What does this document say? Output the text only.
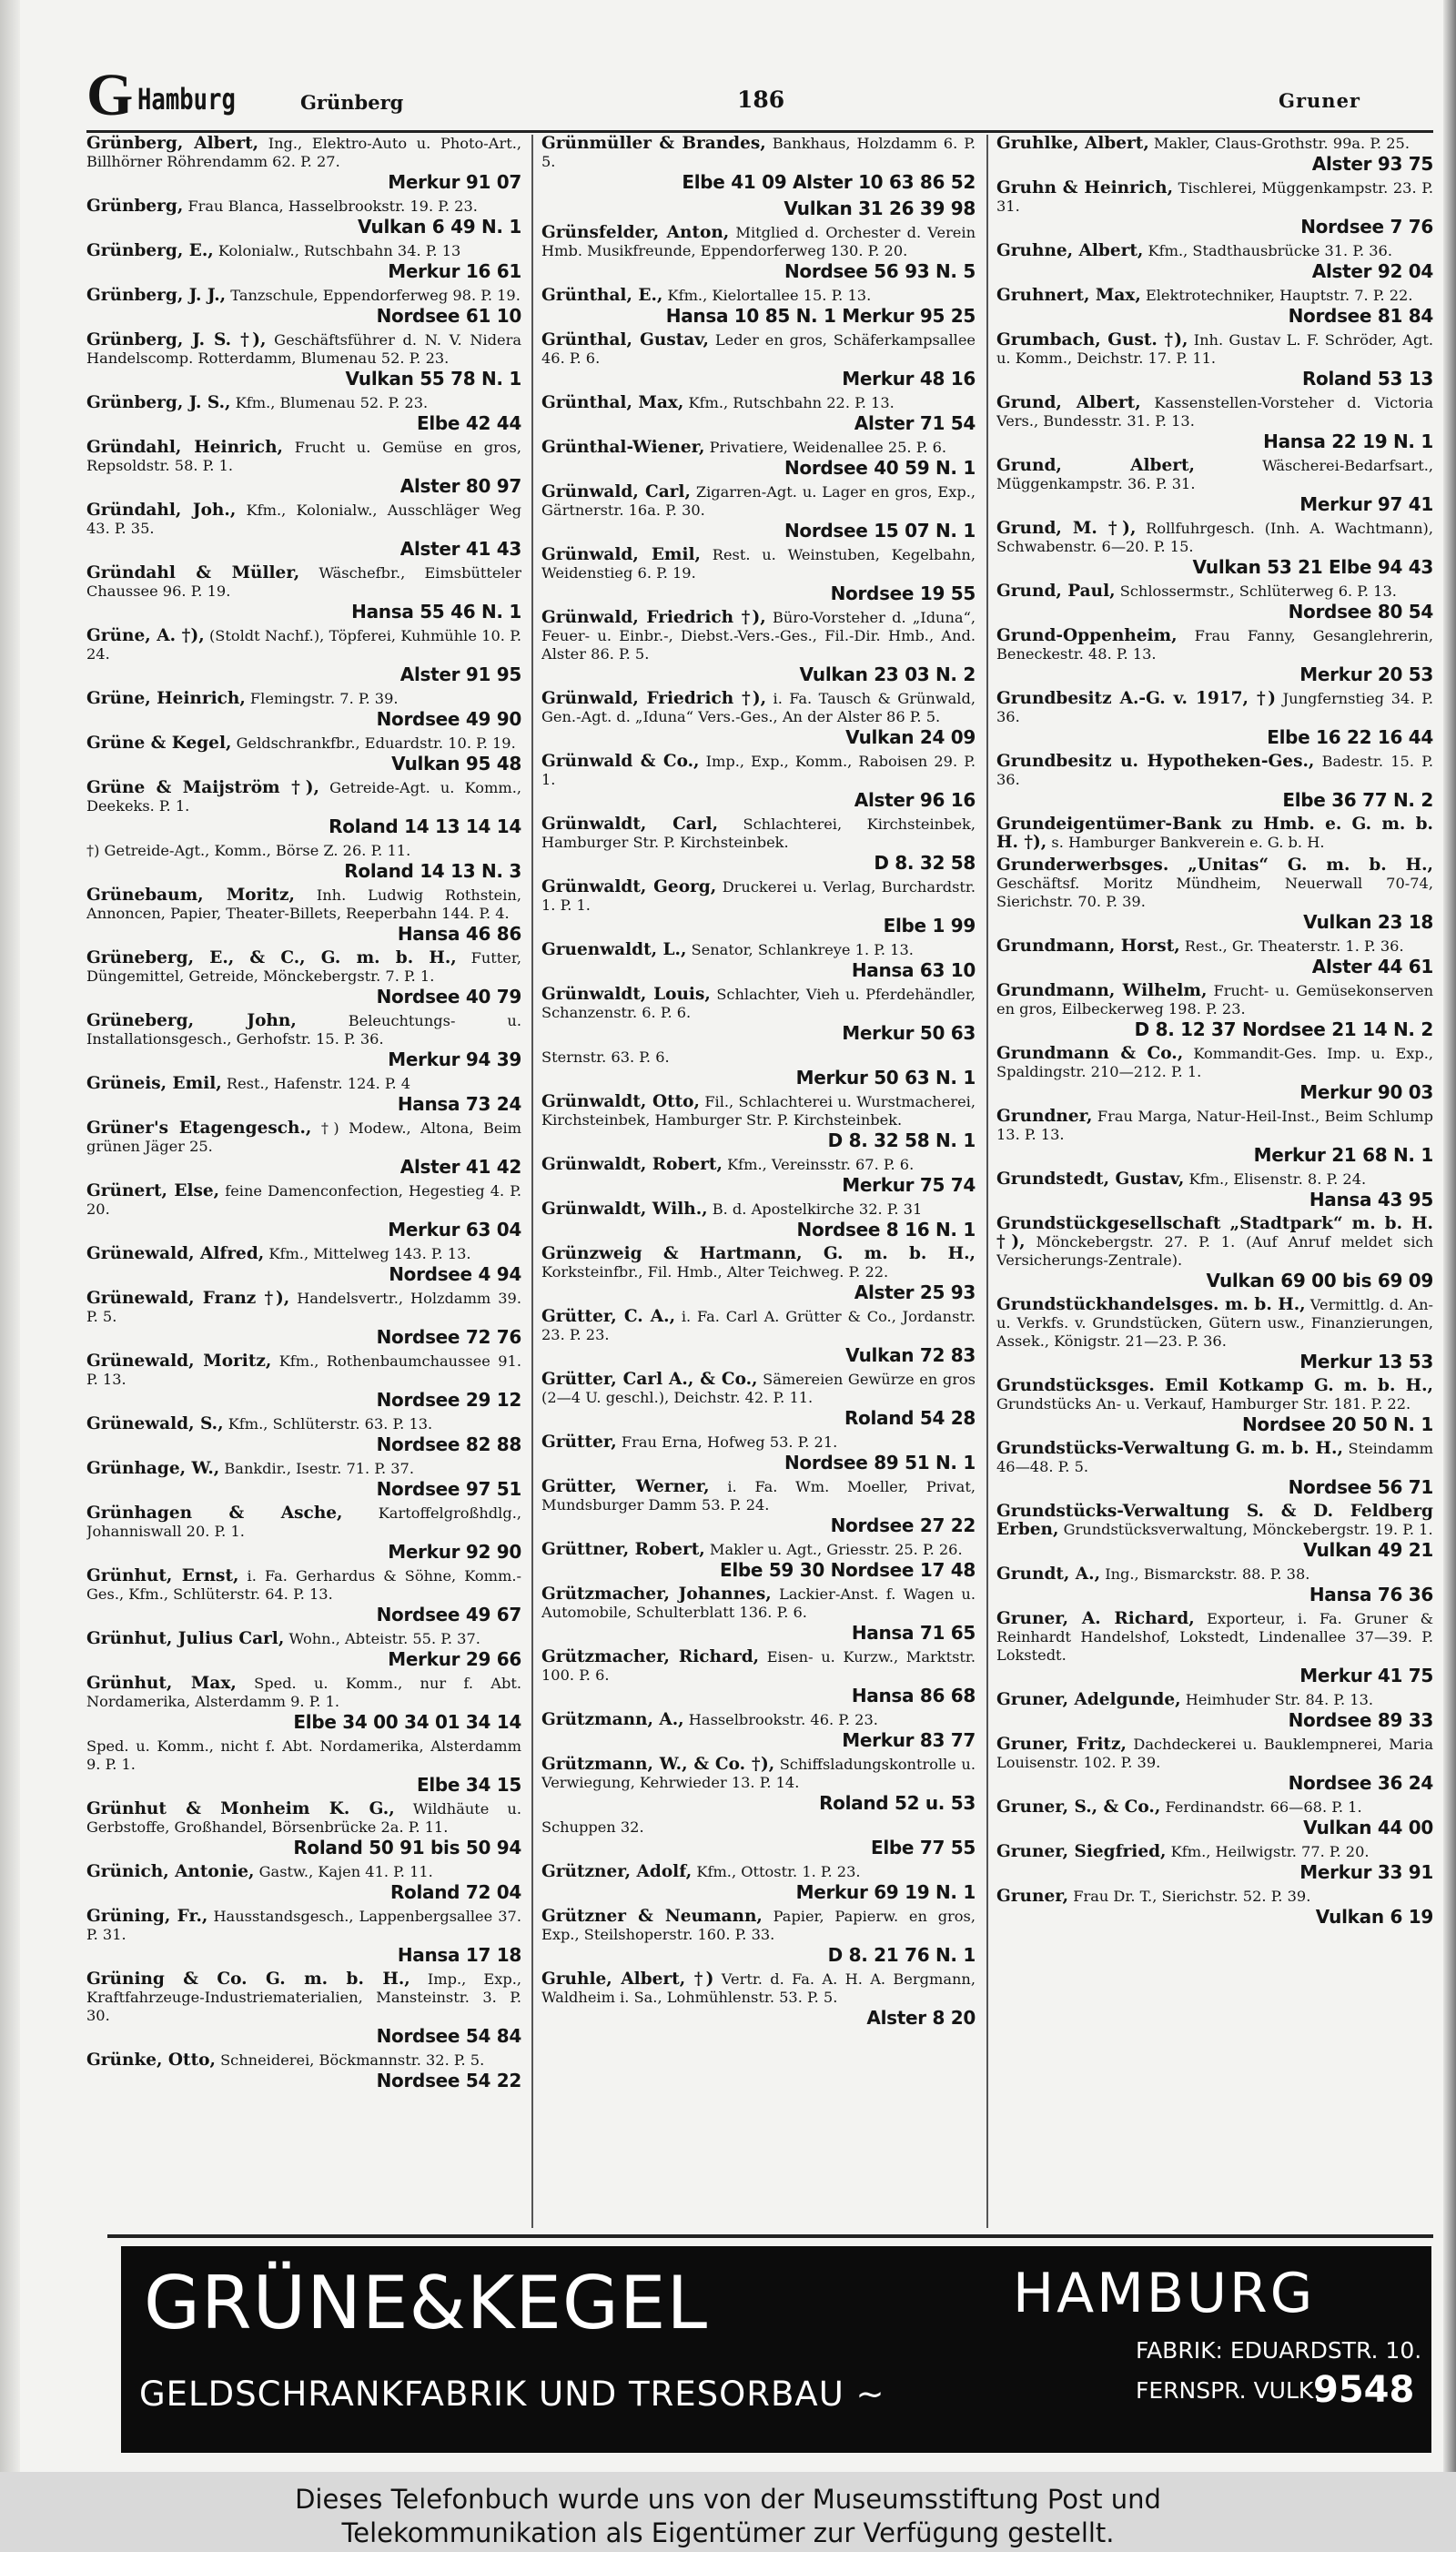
G Hamburg	Grünberg	186	Gruner
Grünberg, Albert, Ing., Elektro-Auto u. Photo-Art., Billhörner Röhrendamm 62. P. 27.
Merkur 91 07
Grünberg, Frau Blanca, Hasselbrookstr. 19. P. 23.
Vulkan 6 49 N. 1
Grünberg, E., Kolonialw., Rutschbahn 34. P. 13
Merkur 16 61
Grünberg, J. J., Tanzschule, Eppendorferweg 98. P. 19.
Nordsee 61 10
Grünberg, J. S. †), Geschäftsführer d. N. V. Nidera Handelscomp. Rotterdamm, Blumenau 52. P. 23.
Vulkan 55 78 N. 1
Grünberg, J. S., Kfm., Blumenau 52. P. 23.
Elbe 42 44
Gründahl, Heinrich, Frucht u. Gemüse en gros, Repsoldstr. 58. P. 1.
Alster 80 97
Gründahl, Joh., Kfm., Kolonialw., Ausschläger Weg 43. P. 35.
Alster 41 43
Gründahl & Müller, Wäschefbr., Eimsbütteler Chaussee 96. P. 19.
Hansa 55 46 N. 1
Grüne, A. †), (Stoldt Nachf.), Töpferei, Kuhmühle 10. P. 24.
Alster 91 95
Grüne, Heinrich, Flemingstr. 7. P. 39.
Nordsee 49 90
Grüne & Kegel, Geldschrankfbr., Eduardstr. 10. P. 19.
Vulkan 95 48
Grüne & Maijström †), Getreide-Agt. u. Komm., Deekeks. P. 1.
Roland 14 13 14 14
†) Getreide-Agt., Komm., Börse Z. 26. P. 11.
Roland 14 13 N. 3
Grünebaum, Moritz, Inh. Ludwig Rothstein, Annoncen, Papier, Theater-Billets, Reeperbahn 144. P. 4.
Hansa 46 86
Grüneberg, E., & C., G. m. b. H., Futter, Düngemittel, Getreide, Mönckebergstr. 7. P. 1.
Nordsee 40 79
Grüneberg, John,	Beleuchtungs- u. Installationsgesch., Gerhofstr. 15. P. 36.
Merkur 94 39
Grüneis, Emil, Rest., Hafenstr. 124. P. 4
Hansa 73 24
Grüner's Etagengesch., †) Modew., Altona, Beim grünen Jäger 25.
Alster 41 42
Grünert, Else, feine Damenconfection, Hegestieg 4. P. 20.
Merkur 63 04
Grünewald, Alfred, Kfm., Mittelweg 143. P. 13.
Nordsee 4 94
Grünewald, Franz †), Handelsvertr., Holzdamm 39. P. 5.
Nordsee 72 76
Grünewald, Moritz, Kfm., Rothenbaumchaussee 91. P. 13.
Nordsee 29 12
Grünewald, S., Kfm., Schlüterstr. 63. P. 13.
Nordsee 82 88
Grünhage, W., Bankdir., Isestr. 71. P. 37.
Nordsee 97 51
Grünhagen & Asche, Kartoffelgroßhdlg., Johanniswall 20. P. 1.
Merkur 92 90
Grünhut, Ernst, i. Fa. Gerhardus & Söhne, Komm.-Ges., Kfm., Schlüterstr. 64. P. 13.
Nordsee 49 67
Grünhut, Julius Carl, Wohn., Abteistr. 55. P. 37.
Merkur 29 66
Grünhut, Max, Sped. u. Komm., nur f. Abt. Nordamerika, Alsterdamm 9. P. 1.
Elbe 34 00 34 01 34 14
Sped. u. Komm., nicht f. Abt. Nordamerika, Alsterdamm 9. P. 1.
Elbe 34 15
Grünhut & Monheim K. G., Wildhäute u. Gerbstoffe, Großhandel, Börsenbrücke 2a. P. 11.
Roland 50 91 bis 50 94
Grünich, Antonie, Gastw., Kajen 41. P. 11.
Roland 72 04
Grüning, Fr., Hausstandsgesch., Lappenbergsallee 37. P. 31.
Hansa 17 18
Grüning & Co. G. m. b. H., Imp., Exp., Kraftfahrzeuge-Industriematerialien, Mansteinstr. 3. P. 30.
Nordsee 54 84
Grünke, Otto, Schneiderei, Böckmannstr. 32. P. 5.
Nordsee 54 22
Grünmüller & Brandes, Bankhaus, Holzdamm 6. P. 5.
Elbe 41 09 Alster 10 63 86 52
Vulkan 31 26 39 98
Grünsfelder, Anton, Mitglied d. Orchester d. Verein Hmb. Musikfreunde, Eppendorferweg 130. P. 20.
Nordsee 56 93 N. 5
Grünthal, E., Kfm., Kielortallee 15. P. 13.
Hansa 10 85 N. 1 Merkur 95 25
Grünthal, Gustav, Leder en gros, Schäferkampsallee 46. P. 6.
Merkur 48 16
Grünthal, Max, Kfm., Rutschbahn 22. P. 13.
Alster 71 54
Grünthal-Wiener, Privatiere, Weidenallee 25. P. 6.
Nordsee 40 59 N. 1
Grünwald, Carl, Zigarren-Agt. u. Lager en gros, Exp., Gärtnerstr. 16a. P. 30.
Nordsee 15 07 N. 1
Grünwald, Emil, Rest. u. Weinstuben, Kegelbahn, Weidenstieg 6. P. 19.
Nordsee 19 55
Grünwald, Friedrich †), Büro-Vorsteher d. „Iduna“, Feuer- u. Einbr.-, Diebst.-Vers.-Ges., Fil.-Dir. Hmb., And. Alster 86. P. 5.
Vulkan 23 03 N. 2
Grünwald, Friedrich †), i. Fa. Tausch & Grünwald, Gen.-Agt. d. „Iduna“ Vers.-Ges., An der Alster 86 P. 5.
Vulkan 24 09
Grünwald & Co., Imp., Exp., Komm., Raboisen 29. P. 1.
Alster 96 16
Grünwaldt, Carl, Schlachterei, Kirchsteinbek, Hamburger Str. P. Kirchsteinbek.
D 8. 32 58
Grünwaldt, Georg, Druckerei u. Verlag, Burchardstr. 1. P. 1.
Elbe 1 99
Gruenwaldt, L., Senator, Schlankreye 1. P. 13.
Hansa 63 10
Grünwaldt, Louis, Schlachter, Vieh u. Pferdehändler, Schanzenstr. 6. P. 6.
Merkur 50 63
Sternstr. 63. P. 6.
Merkur 50 63 N. 1
Grünwaldt, Otto, Fil., Schlachterei u. Wurstmacherei, Kirchsteinbek, Hamburger Str. P. Kirchsteinbek.
D 8. 32 58 N. 1
Grünwaldt, Robert, Kfm., Vereinsstr. 67. P. 6.
Merkur 75 74
Grünwaldt, Wilh., B. d. Apostelkirche 32. P. 31
Nordsee 8 16 N. 1
Grünzweig & Hartmann, G. m. b. H., Korksteinfbr., Fil. Hmb., Alter Teichweg. P. 22.
Alster 25 93
Grütter, C. A., i. Fa. Carl A. Grütter & Co., Jordanstr. 23. P. 23.
Vulkan 72 83
Grütter, Carl A., & Co., Sämereien Gewürze en gros (2—4 U. geschl.), Deichstr. 42. P. 11.
Roland 54 28
Grütter, Frau Erna, Hofweg 53. P. 21.
Nordsee 89 51 N. 1
Grütter, Werner, i. Fa. Wm. Moeller, Privat, Mundsburger Damm 53. P. 24.
Nordsee 27 22
Grüttner, Robert, Makler u. Agt., Griesstr. 25. P. 26.
Elbe 59 30 Nordsee 17 48
Grützmacher, Johannes, Lackier-Anst. f. Wagen u. Automobile, Schulterblatt 136. P. 6.
Hansa 71 65
Grützmacher, Richard, Eisen- u. Kurzw., Marktstr. 100. P. 6.
Hansa 86 68
Grützmann, A., Hasselbrookstr. 46. P. 23.
Merkur 83 77
Grützmann, W., & Co. †), Schiffsladungskontrolle u. Verwiegung, Kehrwieder 13. P. 14.
Roland 52 u. 53
Schuppen 32.
Elbe 77 55
Grützner, Adolf, Kfm., Ottostr. 1. P. 23.
Merkur 69 19 N. 1
Grützner & Neumann, Papier, Papierw. en gros, Exp., Steilshoperstr. 160. P. 33.
D 8. 21 76 N. 1
Gruhle, Albert, †) Vertr. d. Fa. A. H. A. Bergmann, Waldheim i. Sa., Lohmühlenstr. 53. P. 5.
Alster 8 20
Gruhlke, Albert, Makler, Claus-Grothstr. 99a. P. 25.
Alster 93 75
Gruhn & Heinrich, Tischlerei, Müggenkampstr. 23. P. 31.
Nordsee 7 76
Gruhne, Albert, Kfm., Stadthausbrücke 31. P. 36.
Alster 92 04
Gruhnert, Max, Elektrotechniker, Hauptstr. 7. P. 22.
Nordsee 81 84
Grumbach, Gust. †), Inh. Gustav L. F. Schröder, Agt. u. Komm., Deichstr. 17. P. 11.
Roland 53 13
Grund, Albert, Kassenstellen-Vorsteher d. Victoria Vers., Bundesstr. 31. P. 13.
Hansa 22 19 N. 1
Grund, Albert,	Wäscherei-Bedarfsart., Müggenkampstr. 36. P. 31.
Merkur 97 41
Grund, M. †), Rollfuhrgesch. (Inh. A. Wachtmann), Schwabenstr. 6—20. P. 15.
Vulkan 53 21 Elbe 94 43
Grund, Paul, Schlossermstr., Schlüterweg 6. P. 13.
Nordsee 80 54
Grund-Oppenheim, Frau Fanny, Gesanglehrerin, Beneckestr. 48. P. 13.
Merkur 20 53
Grundbesitz A.-G. v. 1917, †) Jungfernstieg 34. P. 36.
Elbe 16 22 16 44
Grundbesitz u. Hypotheken-Ges., Badestr. 15. P. 36.
Elbe 36 77 N. 2
Grundeigentümer-Bank zu Hmb. e. G. m. b. H. †), s. Hamburger Bankverein e. G. b. H.
Grunderwerbsges. „Unitas“ G. m. b. H., Geschäftsf. Moritz Mündheim, Neuerwall 70-74, Sierichstr. 70. P. 39.
Vulkan 23 18
Grundmann, Horst, Rest., Gr. Theaterstr. 1. P. 36.
Alster 44 61
Grundmann, Wilhelm, Frucht- u. Gemüsekonserven en gros, Eilbeckerweg 198. P. 23.
D 8. 12 37 Nordsee 21 14 N. 2
Grundmann & Co., Kommandit-Ges. Imp. u. Exp., Spaldingstr. 210—212. P. 1.
Merkur 90 03
Grundner, Frau Marga, Natur-Heil-Inst., Beim Schlump 13. P. 13.
Merkur 21 68 N. 1
Grundstedt, Gustav, Kfm., Elisenstr. 8. P. 24.
Hansa 43 95
Grundstückgesellschaft „Stadtpark“ m. b. H. †), Mönckebergstr. 27. P. 1. (Auf Anruf meldet sich Versicherungs-Zentrale).
Vulkan 69 00 bis 69 09
Grundstückhandelsges. m. b. H., Vermittlg. d. An- u. Verkfs. v. Grundstücken, Gütern usw., Finanzierungen, Assek., Königstr. 21—23. P. 36.
Merkur 13 53
Grundstücksges. Emil Kotkamp G. m. b. H., Grundstücks An- u. Verkauf, Hamburger Str. 181. P. 22.
Nordsee 20 50 N. 1
Grundstücks-Verwaltung G. m. b. H., Steindamm 46—48. P. 5.
Nordsee 56 71
Grundstücks-Verwaltung S. & D. Feldberg Erben, Grundstücksverwaltung, Mönckebergstr. 19. P. 1.
Vulkan 49 21
Grundt, A., Ing., Bismarckstr. 88. P. 38.
Hansa 76 36
Gruner, A. Richard, Exporteur, i. Fa. Gruner & Reinhardt Handelshof, Lokstedt, Lindenallee 37—39. P. Lokstedt.
Merkur 41 75
Gruner, Adelgunde, Heimhuder Str. 84. P. 13.
Nordsee 89 33
Gruner, Fritz, Dachdeckerei u. Bauklempnerei, Maria Louisenstr. 102. P. 39.
Nordsee 36 24
Gruner, S., & Co., Ferdinandstr. 66—68. P. 1.
Vulkan 44 00
Gruner, Siegfried, Kfm., Heilwigstr. 77. P. 20.
Merkur 33 91
Gruner, Frau Dr. T., Sierichstr. 52. P. 39.
Vulkan 6 19
GRÜNE&KEGEL	HAMBURG
GELDSCHRANKFABRIK UND TRESORBAU ~
FABRIK: EDUARDSTR. 10.
FERNSPR. VULK.
9548
Dieses Telefonbuch wurde uns von der Museumsstiftung Post und
Telekommunikation als Eigentümer zur Verfügung gestellt.
